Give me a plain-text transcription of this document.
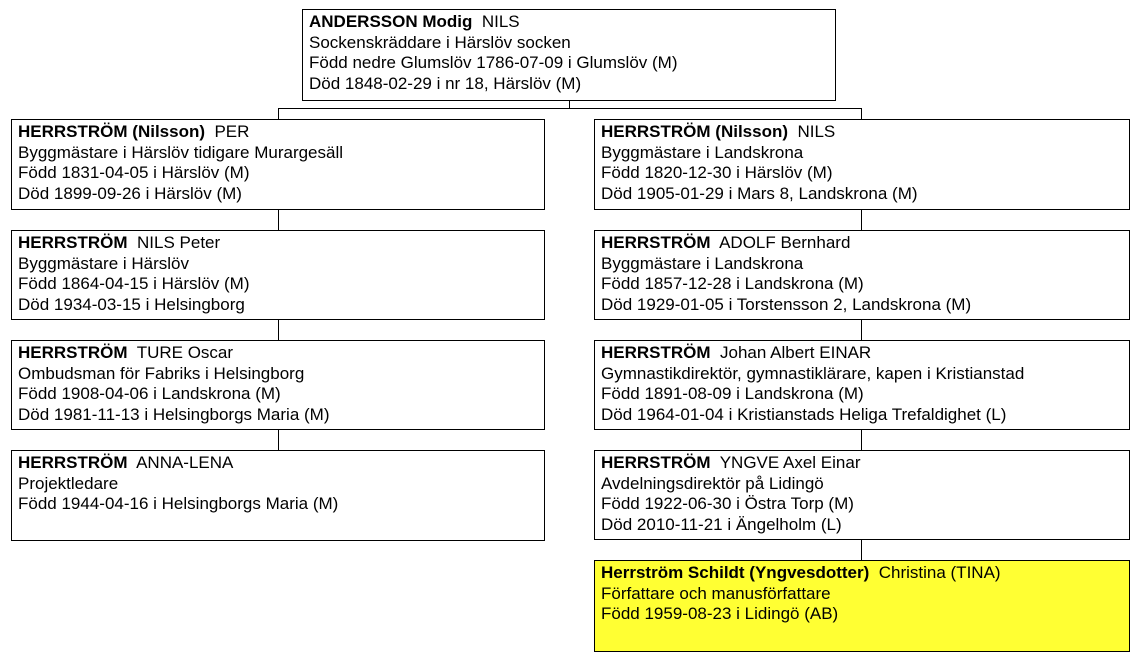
ANDERSSON Modig NILS
Sockenskräddare i Härslöv socken
Född nedre Glumslöv 1786-07-09 i Glumslöv (M)
Död 1848-02-29 i nr 18, Härslöv (M)
HERRSTRÖM (Nilsson) PER
Byggmästare i Härslöv tidigare Murargesäll
Född 1831-04-05 i Härslöv (M)
Död 1899-09-26 i Härslöv (M)
HERRSTRÖM NILS Peter
Byggmästare i Härslöv
Född 1864-04-15 i Härslöv (M)
Död 1934-03-15 i Helsingborg
HERRSTRÖM TURE Oscar
Ombudsman för Fabriks i Helsingborg
Född 1908-04-06 i Landskrona (M)
Död 1981-11-13 i Helsingborgs Maria (M)
HERRSTRÖM ANNA-LENA
Projektledare
Född 1944-04-16 i Helsingborgs Maria (M)
HERRSTRÖM (Nilsson) NILS
Byggmästare i Landskrona
Född 1820-12-30 i Härslöv (M)
Död 1905-01-29 i Mars 8, Landskrona (M)
HERRSTRÖM ADOLF Bernhard
Byggmästare i Landskrona
Född 1857-12-28 i Landskrona (M)
Död 1929-01-05 i Torstensson 2, Landskrona (M)
HERRSTRÖM Johan Albert EINAR
Gymnastikdirektör, gymnastiklärare, kapen i Kristianstad
Född 1891-08-09 i Landskrona (M)
Död 1964-01-04 i Kristianstads Heliga Trefaldighet (L)
HERRSTRÖM YNGVE Axel Einar
Avdelningsdirektör på Lidingö
Född 1922-06-30 i Östra Torp (M)
Död 2010-11-21 i Ängelholm (L)
Herrström Schildt (Yngvesdotter) Christina (TINA)
Författare och manusförfattare
Född 1959-08-23 i Lidingö (AB)
